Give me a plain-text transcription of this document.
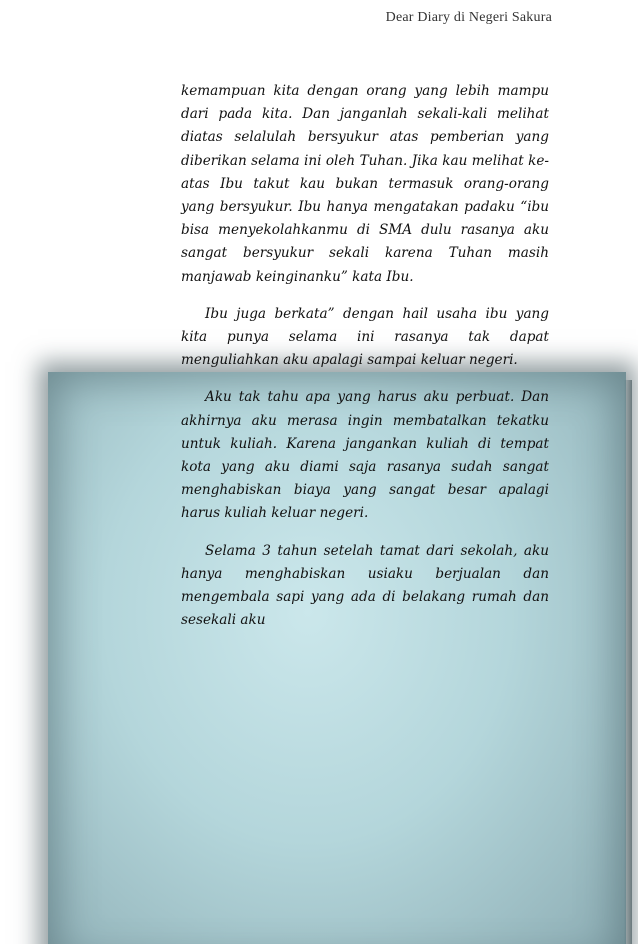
Dear Diary di Negeri Sakura

kemampuan kita dengan orang yang lebih mampu dari pada kita. Dan janganlah sekali-kali melihat diatas selalulah bersyukur atas pemberian yang diberikan selama ini oleh Tuhan. Jika kau melihat ke-atas Ibu takut kau bukan termasuk orang-orang yang bersyukur. Ibu hanya mengatakan padaku “ibu bisa menyekolahkanmu di SMA dulu rasanya aku sangat bersyukur sekali karena Tuhan masih manjawab keinginanku” kata Ibu.

Ibu juga berkata” dengan hail usaha ibu yang kita punya selama ini rasanya tak dapat menguliahkan aku apalagi sampai keluar negeri.

Aku tak tahu apa yang harus aku perbuat. Dan akhirnya aku merasa ingin membatalkan tekatku untuk kuliah. Karena jangankan kuliah di tempat kota yang aku diami saja rasanya sudah sangat menghabiskan biaya yang sangat besar apalagi harus kuliah keluar negeri.

Selama 3 tahun setelah tamat dari sekolah, aku hanya menghabiskan usiaku berjualan dan mengembala sapi yang ada di belakang rumah dan sesekali aku
